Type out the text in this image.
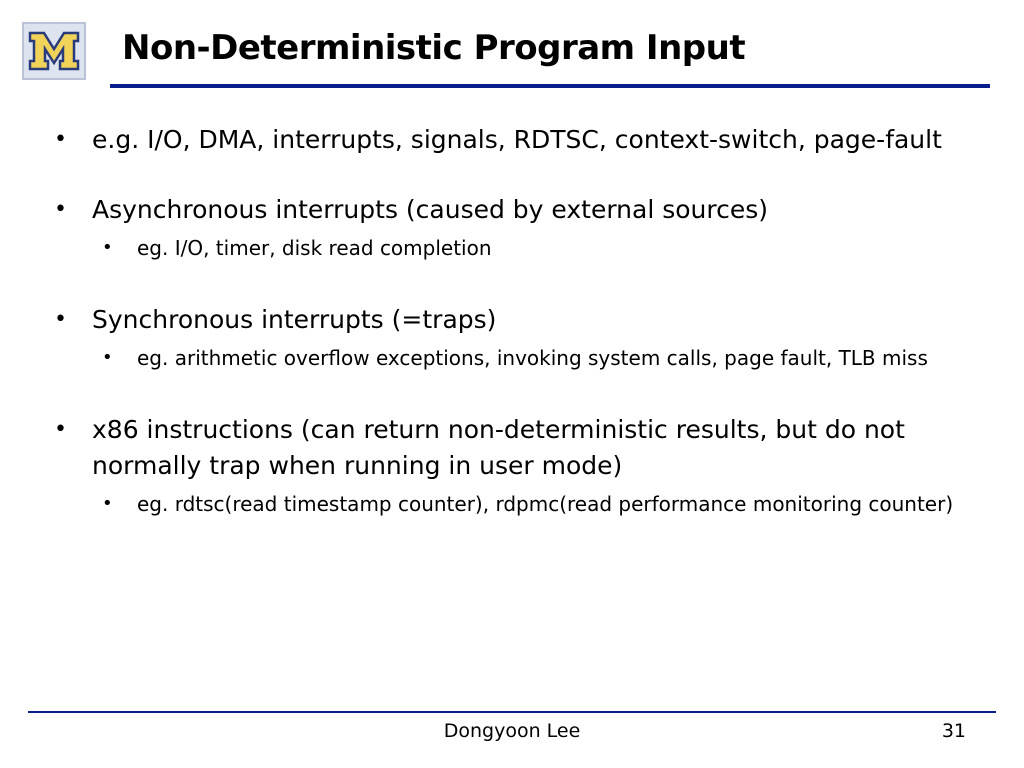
Non-Deterministic Program Input
• e.g. I/O, DMA, interrupts, signals, RDTSC, context-switch, page-fault
• Asynchronous interrupts (caused by external sources)
• eg. I/O, timer, disk read completion
• Synchronous interrupts (=traps)
• eg. arithmetic overflow exceptions, invoking system calls, page fault, TLB miss
• x86 instructions (can return non-deterministic results, but do not normally trap when running in user mode)
• eg. rdtsc(read timestamp counter), rdpmc(read performance monitoring counter)
Dongyoon Lee	31
